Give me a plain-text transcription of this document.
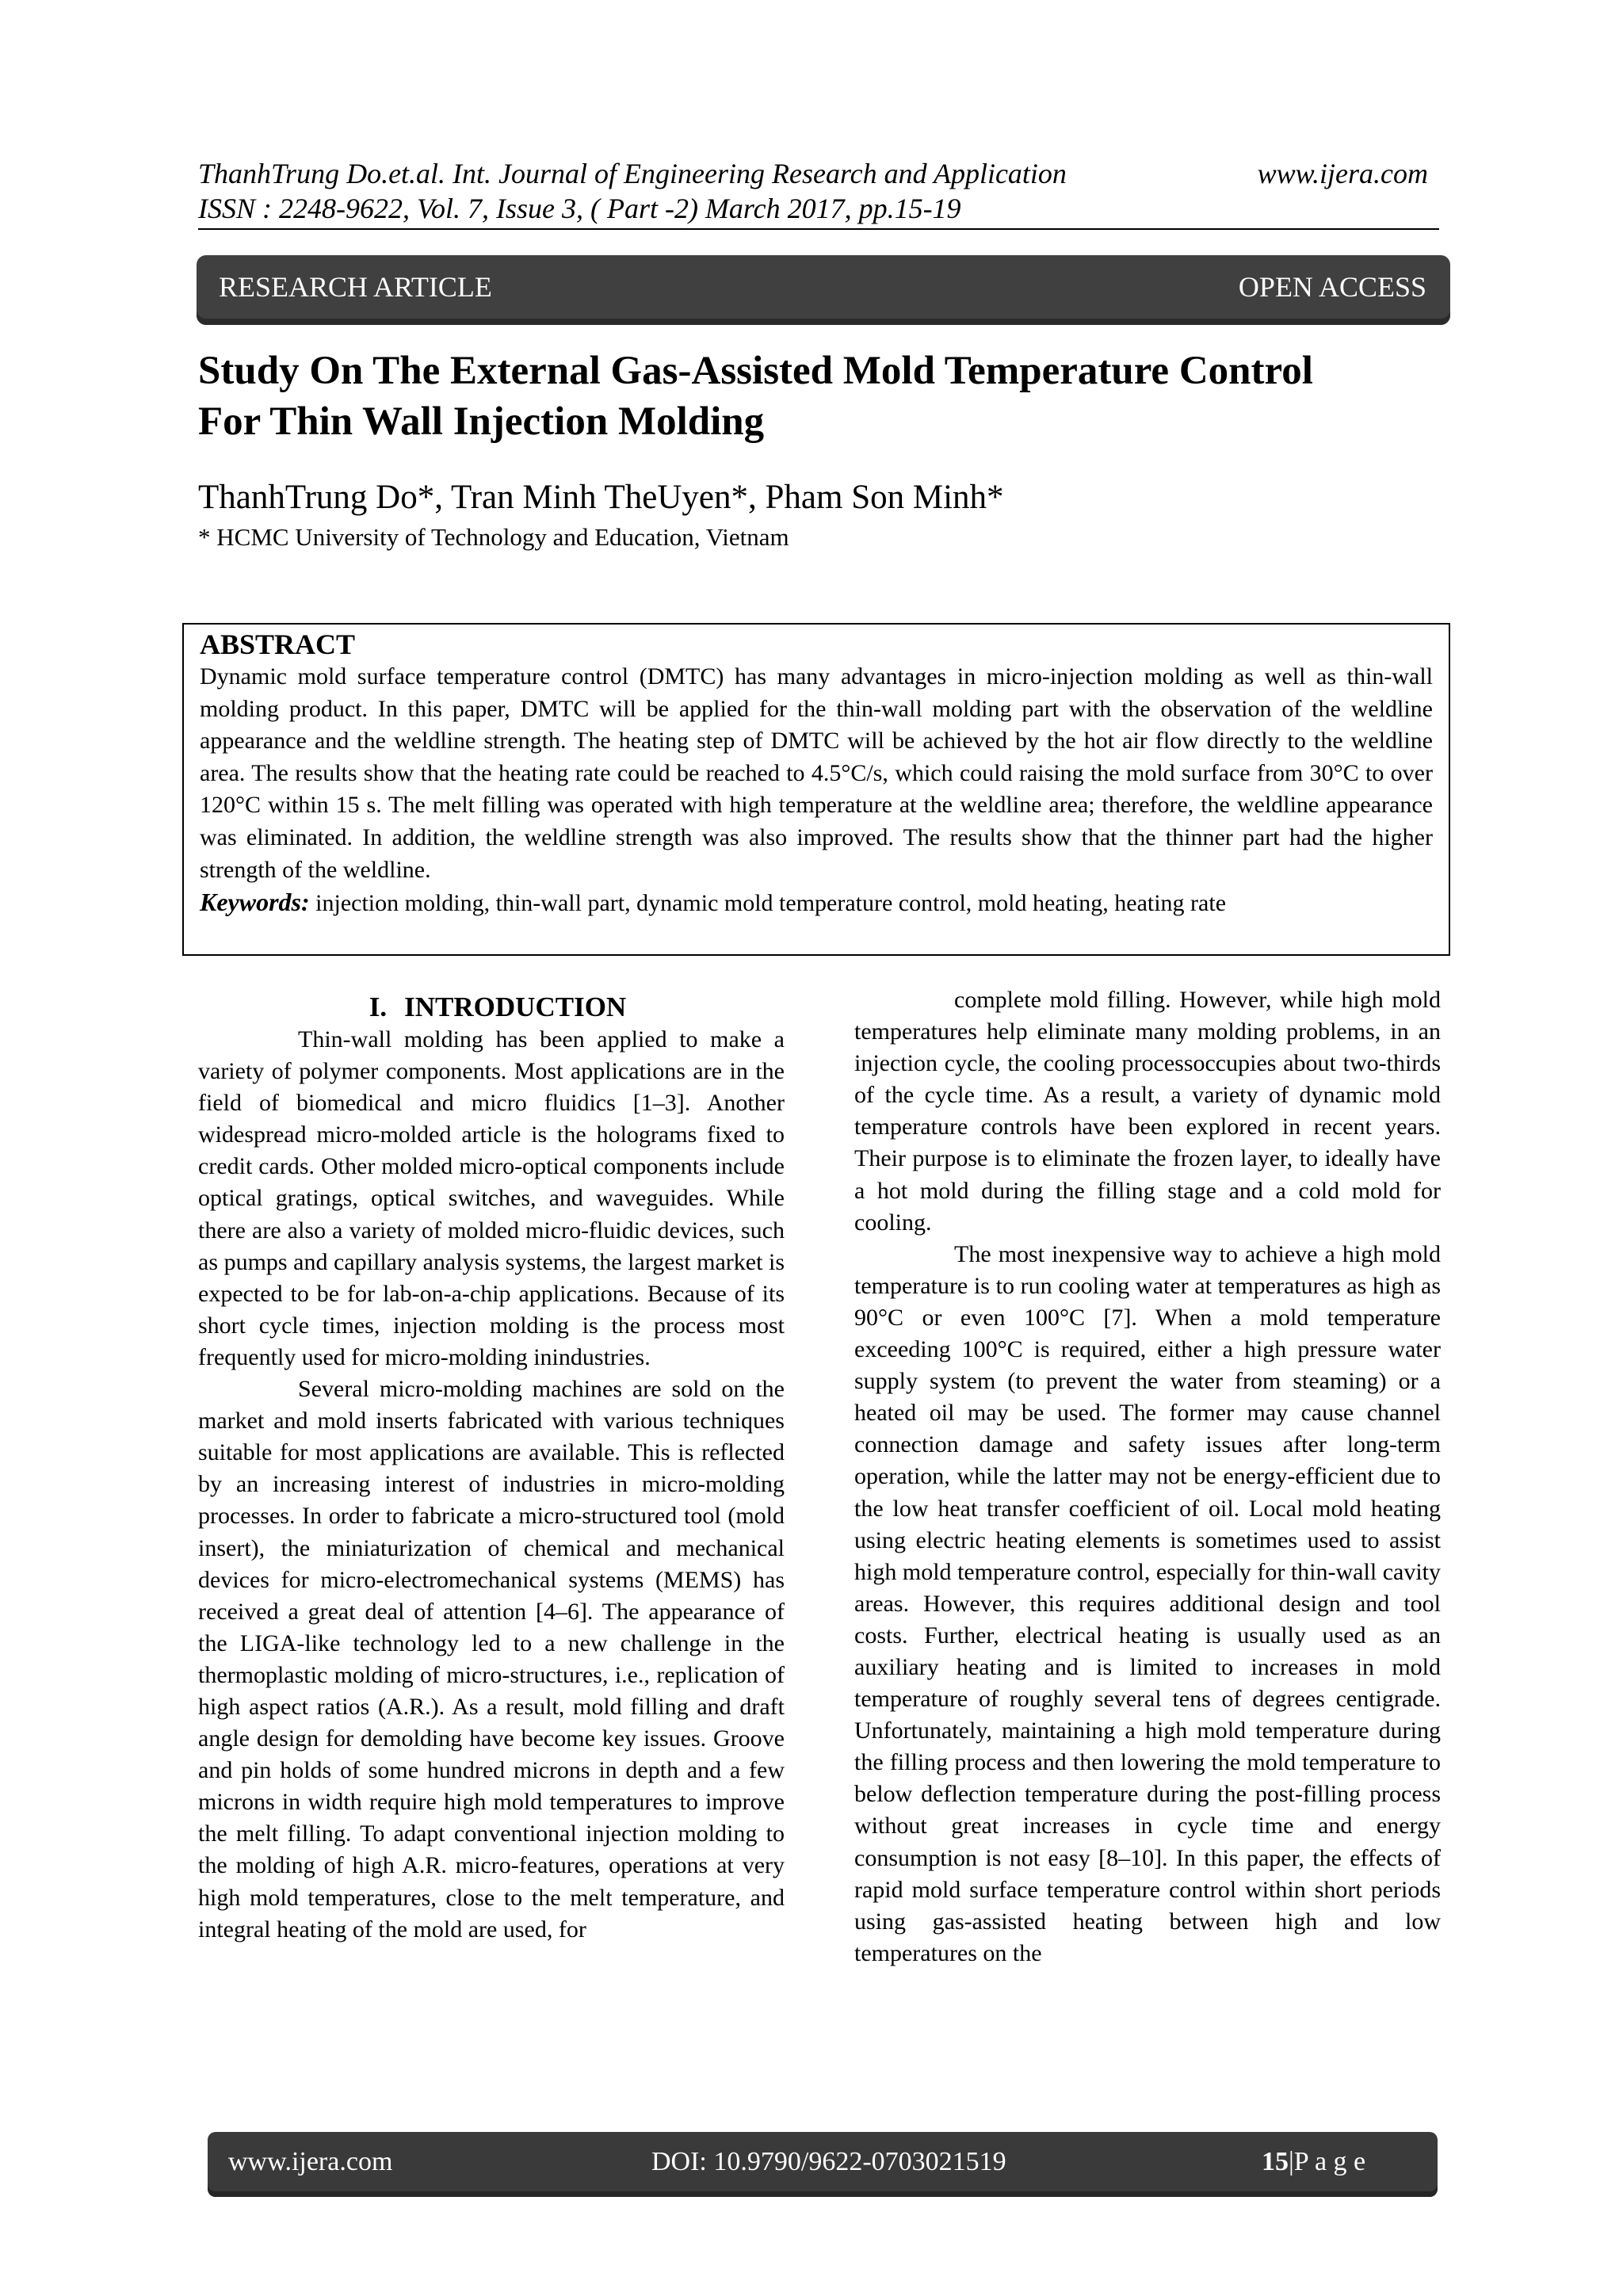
ThanhTrung Do.et.al. Int. Journal of Engineering Research and Application	www.ijera.com
ISSN : 2248-9622, Vol. 7, Issue 3, ( Part -2) March 2017, pp.15-19
RESEARCH ARTICLE	OPEN ACCESS
Study On The External Gas-Assisted Mold Temperature Control
For Thin Wall Injection Molding
ThanhTrung Do*, Tran Minh TheUyen*, Pham Son Minh*
* HCMC University of Technology and Education, Vietnam
ABSTRACT

Dynamic mold surface temperature control (DMTC) has many advantages in micro-injection molding as well as thin-wall molding product. In this paper, DMTC will be applied for the thin-wall molding part with the observation of the weldline appearance and the weldline strength. The heating step of DMTC will be achieved by the hot air flow directly to the weldline area. The results show that the heating rate could be reached to 4.5°C/s, which could raising the mold surface from 30°C to over 120°C within 15 s. The melt filling was operated with high temperature at the weldline area; therefore, the weldline appearance was eliminated. In addition, the weldline strength was also improved. The results show that the thinner part had the higher strength of the weldline.

Keywords: injection molding, thin-wall part, dynamic mold temperature control, mold heating, heating rate
I. INTRODUCTION

Thin-wall molding has been applied to make a variety of polymer components. Most applications are in the field of biomedical and micro fluidics [1–3]. Another widespread micro-molded article is the holograms fixed to credit cards. Other molded micro-optical components include optical gratings, optical switches, and waveguides. While there are also a variety of molded micro-fluidic devices, such as pumps and capillary analysis systems, the largest market is expected to be for lab-on-a-chip applications. Because of its short cycle times, injection molding is the process most frequently used for micro-molding inindustries.

Several micro-molding machines are sold on the market and mold inserts fabricated with various techniques suitable for most applications are available. This is reflected by an increasing interest of industries in micro-molding processes. In order to fabricate a micro-structured tool (mold insert), the miniaturization of chemical and mechanical devices for micro-electromechanical systems (MEMS) has received a great deal of attention [4–6]. The appearance of the LIGA-like technology led to a new challenge in the thermoplastic molding of micro-structures, i.e., replication of high aspect ratios (A.R.). As a result, mold filling and draft angle design for demolding have become key issues. Groove and pin holds of some hundred microns in depth and a few microns in width require high mold temperatures to improve the melt filling. To adapt conventional injection molding to the molding of high A.R. micro-features, operations at very high mold temperatures, close to the melt temperature, and integral heating of the mold are used, for

complete mold filling. However, while high mold temperatures help eliminate many molding problems, in an injection cycle, the cooling processoccupies about two-thirds of the cycle time. As a result, a variety of dynamic mold temperature controls have been explored in recent years. Their purpose is to eliminate the frozen layer, to ideally have a hot mold during the filling stage and a cold mold for cooling.

The most inexpensive way to achieve a high mold temperature is to run cooling water at temperatures as high as 90°C or even 100°C [7]. When a mold temperature exceeding 100°C is required, either a high pressure water supply system (to prevent the water from steaming) or a heated oil may be used. The former may cause channel connection damage and safety issues after long-term operation, while the latter may not be energy-efficient due to the low heat transfer coefficient of oil. Local mold heating using electric heating elements is sometimes used to assist high mold temperature control, especially for thin-wall cavity areas. However, this requires additional design and tool costs. Further, electrical heating is usually used as an auxiliary heating and is limited to increases in mold temperature of roughly several tens of degrees centigrade. Unfortunately, maintaining a high mold temperature during the filling process and then lowering the mold temperature to below deflection temperature during the post-filling process without great increases in cycle time and energy consumption is not easy [8–10]. In this paper, the effects of rapid mold surface temperature control within short periods using gas-assisted heating between high and low temperatures on the

www.ijera.com	DOI: 10.9790/9622-0703021519	15|P a g e
